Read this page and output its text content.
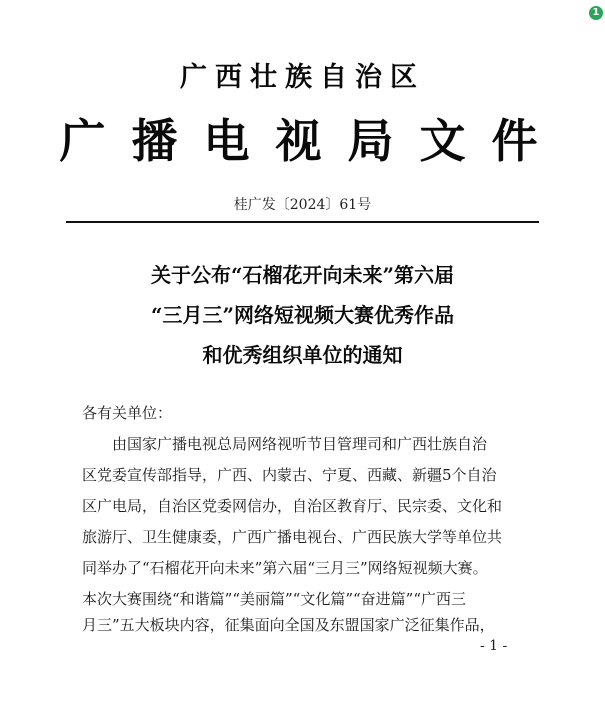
1
广西壮族自治区
广播电视局文件
桂广发〔2024〕61号
关于公布“石榴花开向未来”第六届
“三月三”网络短视频大赛优秀作品
和优秀组织单位的通知
各有关单位：
由国家广播电视总局网络视听节目管理司和广西壮族自治
区党委宣传部指导，广西、内蒙古、宁夏、西藏、新疆5个自治
区广电局，自治区党委网信办，自治区教育厅、民宗委、文化和
旅游厅、卫生健康委，广西广播电视台、广西民族大学等单位共
同举办了“石榴花开向未来”第六届“三月三”网络短视频大赛。
本次大赛围绕“和谐篇”“美丽篇”“文化篇”“奋进篇”“广西三
月三”五大板块内容，征集面向全国及东盟国家广泛征集作品，
- 1 -
